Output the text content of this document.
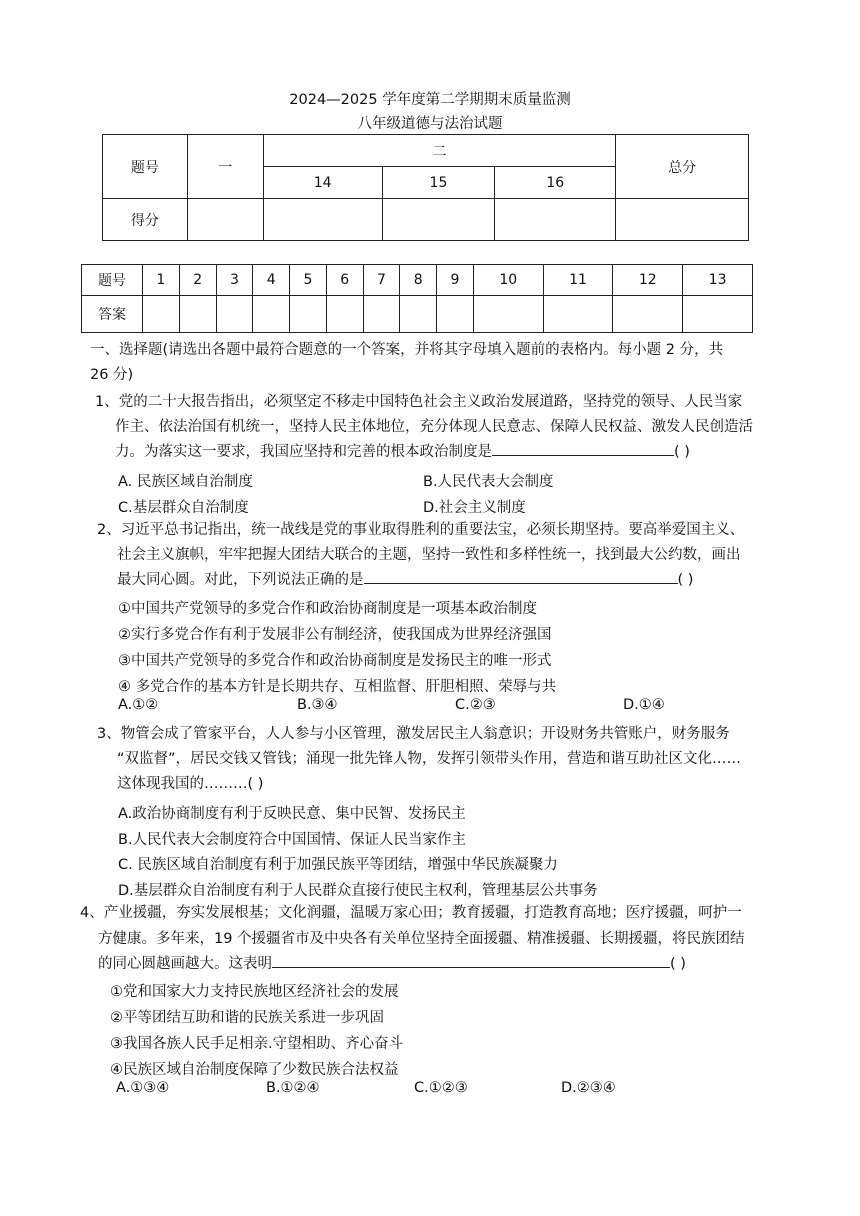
2024—2025 学年度第二学期期末质量监测
八年级道德与法治试题
题号	一	二			总分
		14	15	16	
得分					
题号	1	2	3	4	5	6	7	8	9	10	11	12	13
答案													
一、选择题(请选出各题中最符合题意的一个答案，并将其字母填入题前的表格内。每小题 2 分，共
26 分)
1、党的二十大报告指出，必须坚定不移走中国特色社会主义政治发展道路，坚持党的领导、人民当家
作主、依法治国有机统一，坚持人民主体地位，充分体现人民意志、保障人民权益、激发人民创造活
力。为落实这一要求，我国应坚持和完善的根本政治制度是	( )
A. 民族区域自治制度	B.人民代表大会制度
C.基层群众自治制度	D.社会主义制度
2、习近平总书记指出，统一战线是党的事业取得胜利的重要法宝，必须长期坚持。要高举爱国主义、
社会主义旗帜，牢牢把握大团结大联合的主题，坚持一致性和多样性统一，找到最大公约数，画出
最大同心圆。对此，下列说法正确的是	( )
①中国共产党领导的多党合作和政治协商制度是一项基本政治制度
②实行多党合作有利于发展非公有制经济，使我国成为世界经济强国
③中国共产党领导的多党合作和政治协商制度是发扬民主的唯一形式
④ 多党合作的基本方针是长期共存、互相监督、肝胆相照、荣辱与共
A.①②	B.③④	C.②③	D.①④
3、物管会成了管家平台，人人参与小区管理，激发居民主人翁意识；开设财务共管账户，财务服务
“双监督”，居民交钱又管钱；涌现一批先锋人物，发挥引领带头作用，营造和谐互助社区文化……
这体现我国的………( )
A.政治协商制度有利于反映民意、集中民智、发扬民主
B.人民代表大会制度符合中国国情、保证人民当家作主
C. 民族区域自治制度有利于加强民族平等团结，增强中华民族凝聚力
D.基层群众自治制度有利于人民群众直接行使民主权利，管理基层公共事务
4、产业援疆，夯实发展根基；文化润疆，温暖万家心田；教育援疆，打造教育高地；医疗援疆，呵护一
方健康。多年来，19 个援疆省市及中央各有关单位坚持全面援疆、精准援疆、长期援疆，将民族团结
的同心圆越画越大。这表明	( )
①党和国家大力支持民族地区经济社会的发展
②平等团结互助和谐的民族关系进一步巩固
③我国各族人民手足相亲.守望相助、齐心奋斗
④民族区域自治制度保障了少数民族合法权益
A.①③④	B.①②④	C.①②③	D.②③④
